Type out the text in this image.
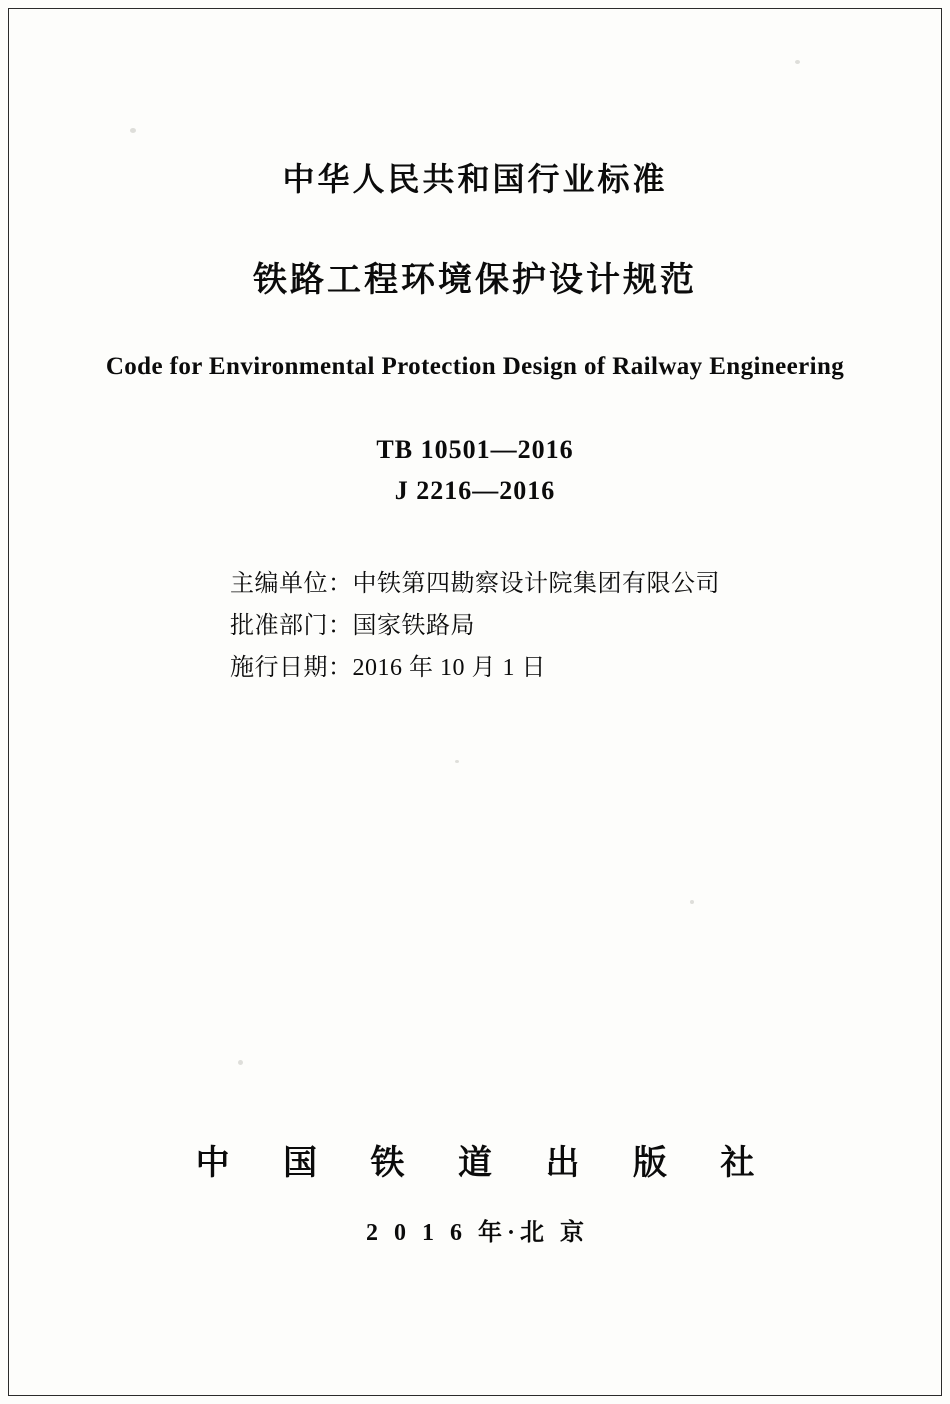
中华人民共和国行业标准
铁路工程环境保护设计规范
Code for Environmental Protection Design of Railway Engineering
TB 10501—2016
J 2216—2016
主编单位：中铁第四勘察设计院集团有限公司
批准部门：国家铁路局
施行日期：2016 年 10 月 1 日
中 国 铁 道 出 版 社
2 0 1 6 年·北 京
